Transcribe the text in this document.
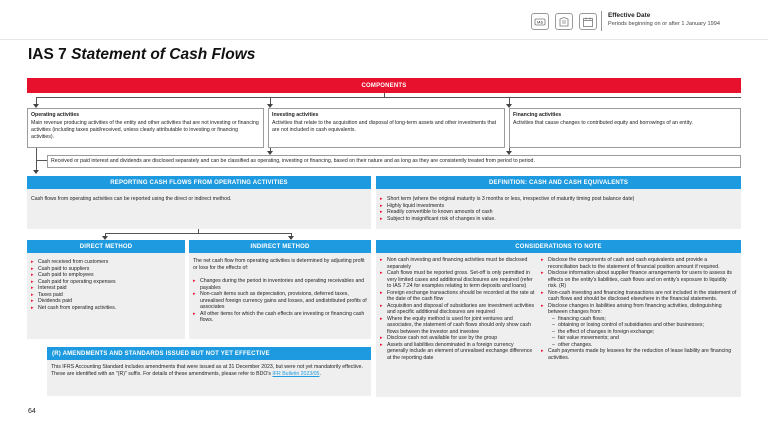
IAS
Effective Date
Periods beginning on or after 1 January 1994
IAS 7 Statement of Cash Flows
COMPONENTS
Operating activities
Main revenue producing activities of the entity and other activities that are not investing or financing activities (including taxes paid/received, unless clearly attributable to investing or financing activities).
Investing activities
Activities that relate to the acquisition and disposal of long-term assets and other investments that are not included in cash equivalents.
Financing activities
Activities that cause changes to contributed equity and borrowings of an entity.
Received or paid interest and dividends are disclosed separately and can be classified as operating, investing or financing, based on their nature and as long as they are consistently treated from period to period.
REPORTING CASH FLOWS FROM OPERATING ACTIVITIES
Cash flows from operating activities can be reported using the direct or indirect method.
DEFINITION: CASH AND CASH EQUIVALENTS
▸ Short term (where the original maturity is 3 months or less, irrespective of maturity timing post balance date)
▸ Highly liquid investments
▸ Readily convertible to known amounts of cash
▸ Subject to insignificant risk of changes in value.
DIRECT METHOD
▸ Cash received from customers
▸ Cash paid to suppliers
▸ Cash paid to employees
▸ Cash paid for operating expenses
▸ Interest paid
▸ Taxes paid
▸ Dividends paid
▸ Net cash from operating activities.
INDIRECT METHOD
The net cash flow from operating activities is determined by adjusting profit or loss for the effects of:
▸ Changes during the period in inventories and operating receivables and payables
▸ Non-cash items such as depreciation, provisions, deferred taxes, unrealised foreign currency gains and losses, and undistributed profits of associates
▸ All other items for which the cash effects are investing or financing cash flows.
(R) AMENDMENTS AND STANDARDS ISSUED BUT NOT YET EFFECTIVE
This IFRS Accounting Standard includes amendments that were issued as at 31 December 2023, but were not yet mandatorily effective. These are identified with an "(R)" suffix. For details of these amendments, please refer to BDO's IFR Bulletin 2023/05.
CONSIDERATIONS TO NOTE
▸ Non cash investing and financing activities must be disclosed separately
▸ Cash flows must be reported gross. Set-off is only permitted in very limited cases and additional disclosures are required (refer to IAS 7.24 for examples relating to term deposits and loans)
▸ Foreign exchange transactions should be recorded at the rate at the date of the cash flow
▸ Acquisition and disposal of subsidiaries are investment activities and specific additional disclosures are required
▸ Where the equity method is used for joint ventures and associates, the statement of cash flows should only show cash flows between the investor and investee
▸ Disclose cash not available for use by the group
▸ Assets and liabilities denominated in a foreign currency generally include an element of unrealised exchange difference at the reporting date
▸ Disclose the components of cash and cash equivalents and provide a reconciliation back to the statement of financial position amount if required.
▸ Disclose information about supplier finance arrangements for users to assess its effects on the entity's liabilities, cash flows and on entity's exposure to liquidity risk. (R)
▸ Non-cash investing and financing transactions are not included in the statement of cash flows and should be disclosed elsewhere in the financial statements.
▸ Disclose changes in liabilities arising from financing activities, distinguishing between changes from:
– financing cash flows;
– obtaining or losing control of subsidiaries and other businesses;
– the effect of changes in foreign exchange;
– fair value movements; and
– other changes.
▸ Cash payments made by lessees for the reduction of lease liability are financing activities.
64
